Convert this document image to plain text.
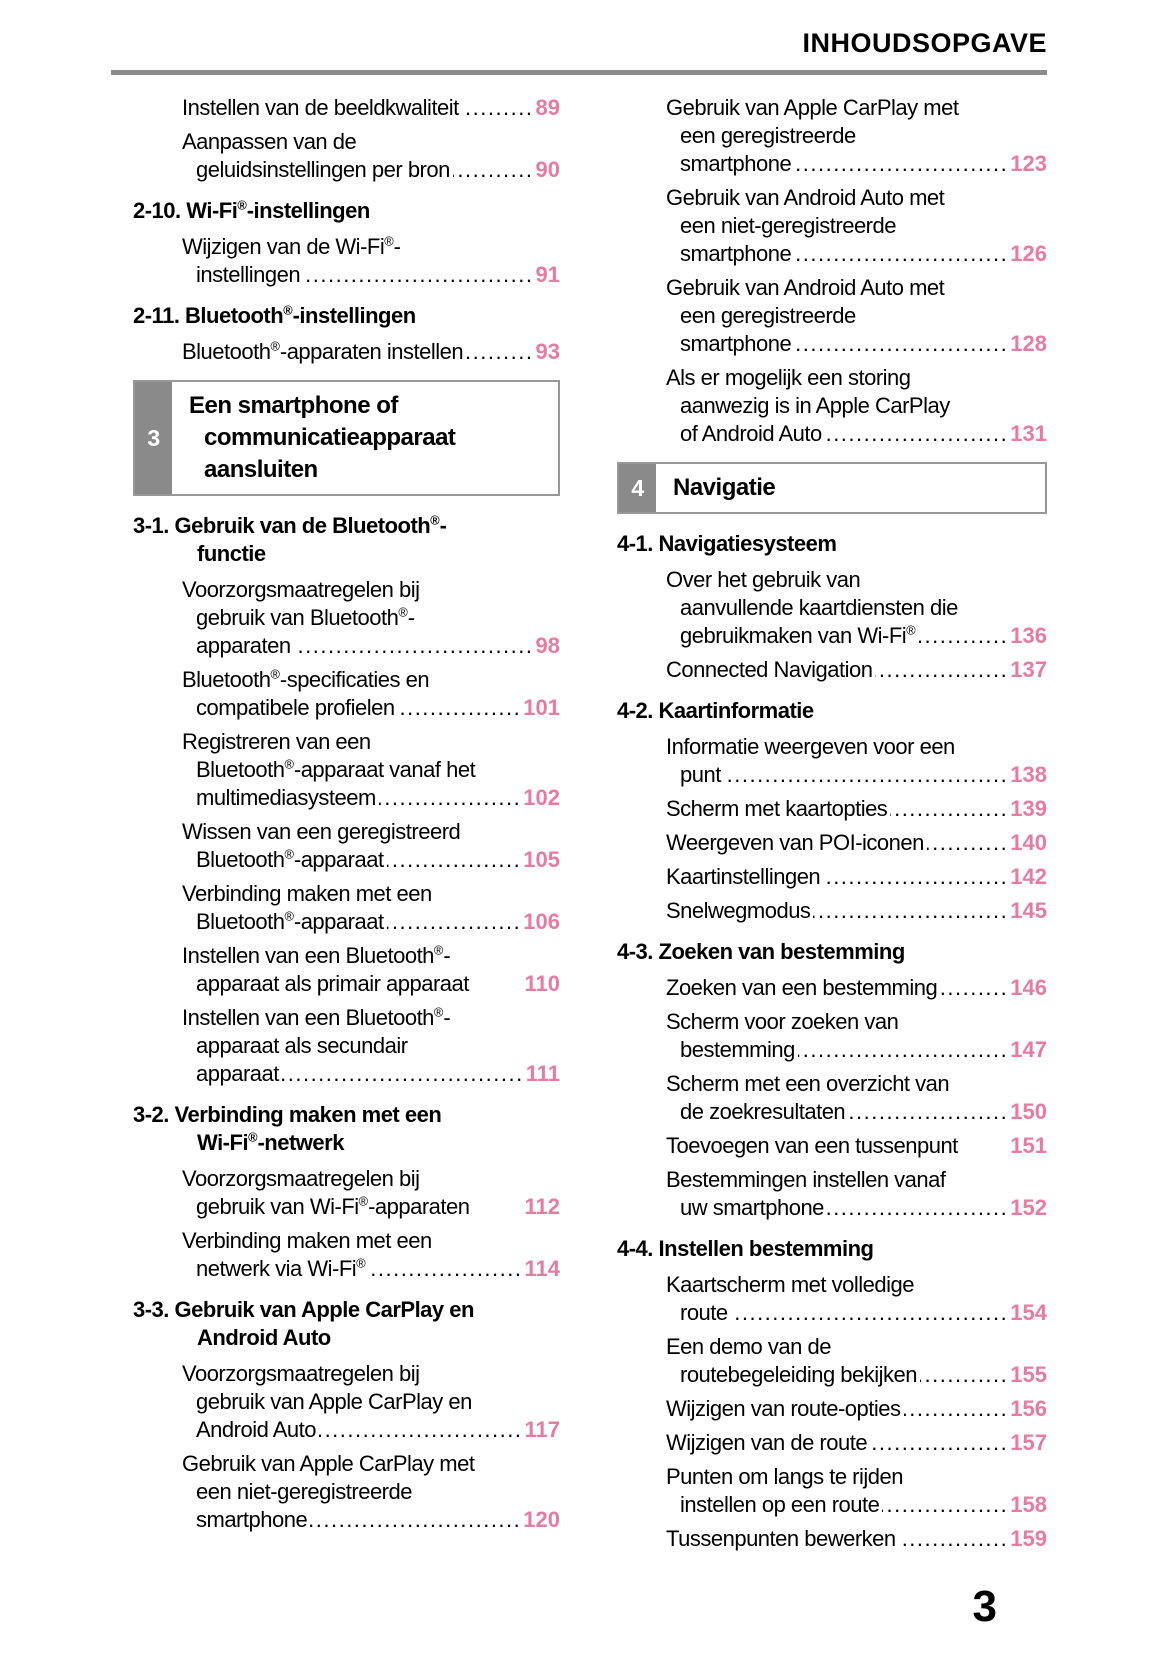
INHOUDSOPGAVE
Instellen van de beeldkwaliteit .....	89
Aanpassen van de
geluidsinstellingen per bron .....	90
2-10. Wi-Fi®-instellingen
Wijzigen van de Wi-Fi®-
instellingen .....	91
2-11. Bluetooth®-instellingen
Bluetooth®-apparaten instellen .....	93
3
Een smartphone of
communicatieapparaat
aansluiten
3-1. Gebruik van de Bluetooth®-
functie
Voorzorgsmaatregelen bij
gebruik van Bluetooth®-
apparaten .....	98
Bluetooth®-specificaties en
compatibele profielen .....	101
Registreren van een
Bluetooth®-apparaat vanaf het
multimediasysteem .....	102
Wissen van een geregistreerd
Bluetooth®-apparaat .....	105
Verbinding maken met een
Bluetooth®-apparaat .....	106
Instellen van een Bluetooth®-
apparaat als primair apparaat	110
Instellen van een Bluetooth®-
apparaat als secundair
apparaat .....	111
3-2. Verbinding maken met een
Wi-Fi®-netwerk
Voorzorgsmaatregelen bij
gebruik van Wi-Fi®-apparaten	112
Verbinding maken met een
netwerk via Wi-Fi® .....	114
3-3. Gebruik van Apple CarPlay en
Android Auto
Voorzorgsmaatregelen bij
gebruik van Apple CarPlay en
Android Auto .....	117
Gebruik van Apple CarPlay met
een niet-geregistreerde
smartphone .....	120
Gebruik van Apple CarPlay met
een geregistreerde
smartphone .....	123
Gebruik van Android Auto met
een niet-geregistreerde
smartphone .....	126
Gebruik van Android Auto met
een geregistreerde
smartphone .....	128
Als er mogelijk een storing
aanwezig is in Apple CarPlay
of Android Auto .....	131
4 Navigatie
4-1. Navigatiesysteem
Over het gebruik van
aanvullende kaartdiensten die
gebruikmaken van Wi-Fi® .....	136
Connected Navigation .....	137
4-2. Kaartinformatie
Informatie weergeven voor een
punt .....	138
Scherm met kaartopties .....	139
Weergeven van POI-iconen .....	140
Kaartinstellingen .....	142
Snelwegmodus .....	145
4-3. Zoeken van bestemming
Zoeken van een bestemming .....	146
Scherm voor zoeken van
bestemming .....	147
Scherm met een overzicht van
de zoekresultaten .....	150
Toevoegen van een tussenpunt 151
Bestemmingen instellen vanaf
uw smartphone .....	152
4-4. Instellen bestemming
Kaartscherm met volledige
route .....	154
Een demo van de
routebegeleiding bekijken .....	155
Wijzigen van route-opties .....	156
Wijzigen van de route .....	157
Punten om langs te rijden
instellen op een route .....	158
Tussenpunten bewerken .....	159
3
